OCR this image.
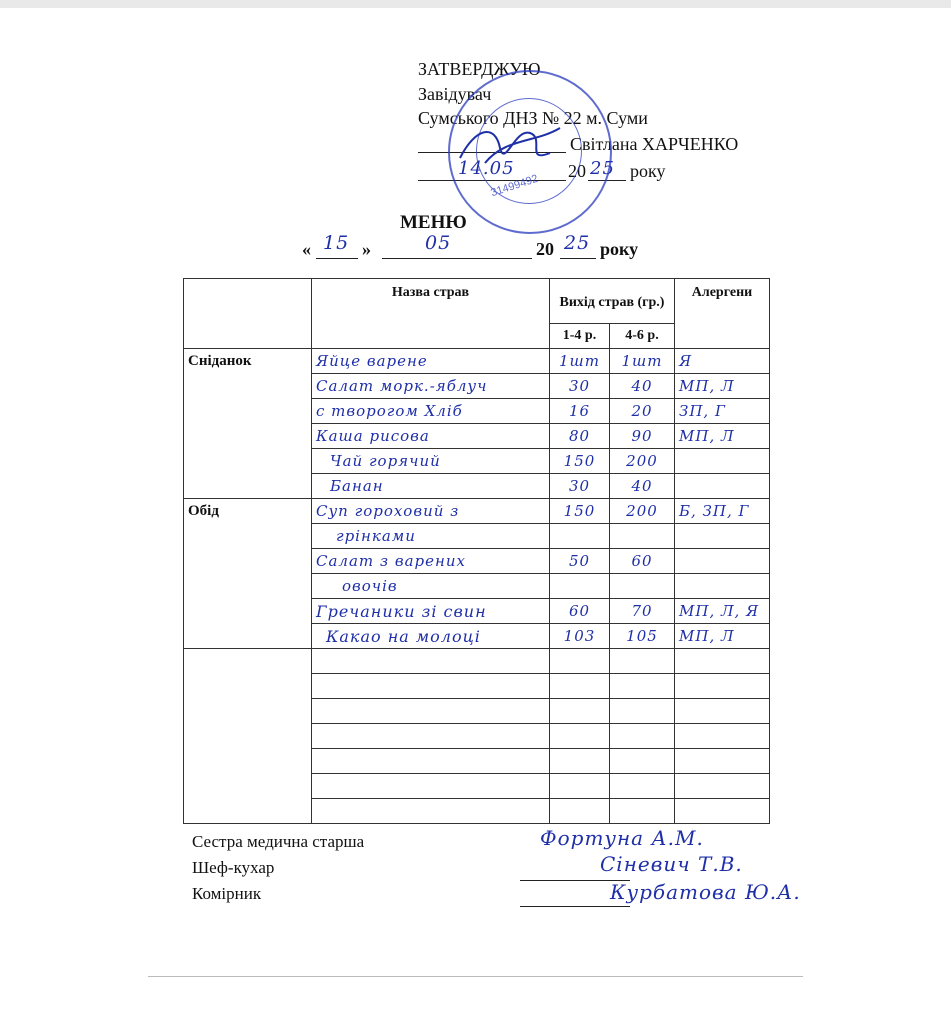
ЗАТВЕРДЖУЮ
Завідувач
Сумського ДНЗ № 22 м. Суми
Світлана ХАРЧЕНКО
14.05	20 25 року
31499492
МЕНЮ
« 15 »	05	20 25 року
	Назва страв	Вихід страв (гр.)		Алергени
		1-4 р.	4-6 р.	
Сніданок	Яйце варене	1шт	1шт	Я
	Салат морк.-яблуч	30	40	МП, Л
	с творогом Хліб	16	20	ЗП, Г
	Каша рисова	80	90	МП, Л
	Чай горячий	150	200	
	Банан	30	40	
Обід	Суп гороховий з	150	200	Б, ЗП, Г
	грінками			
	Салат з варених	50	60	
	овочів			
	Гречаники зі свин	60	70	МП, Л, Я
	Какао на молоці	103	105	МП, Л

Сестра медична старша	Фортуна А.М.
Шеф-кухар	Сіневич Т.В.
Комірник	Курбатова Ю.А.
